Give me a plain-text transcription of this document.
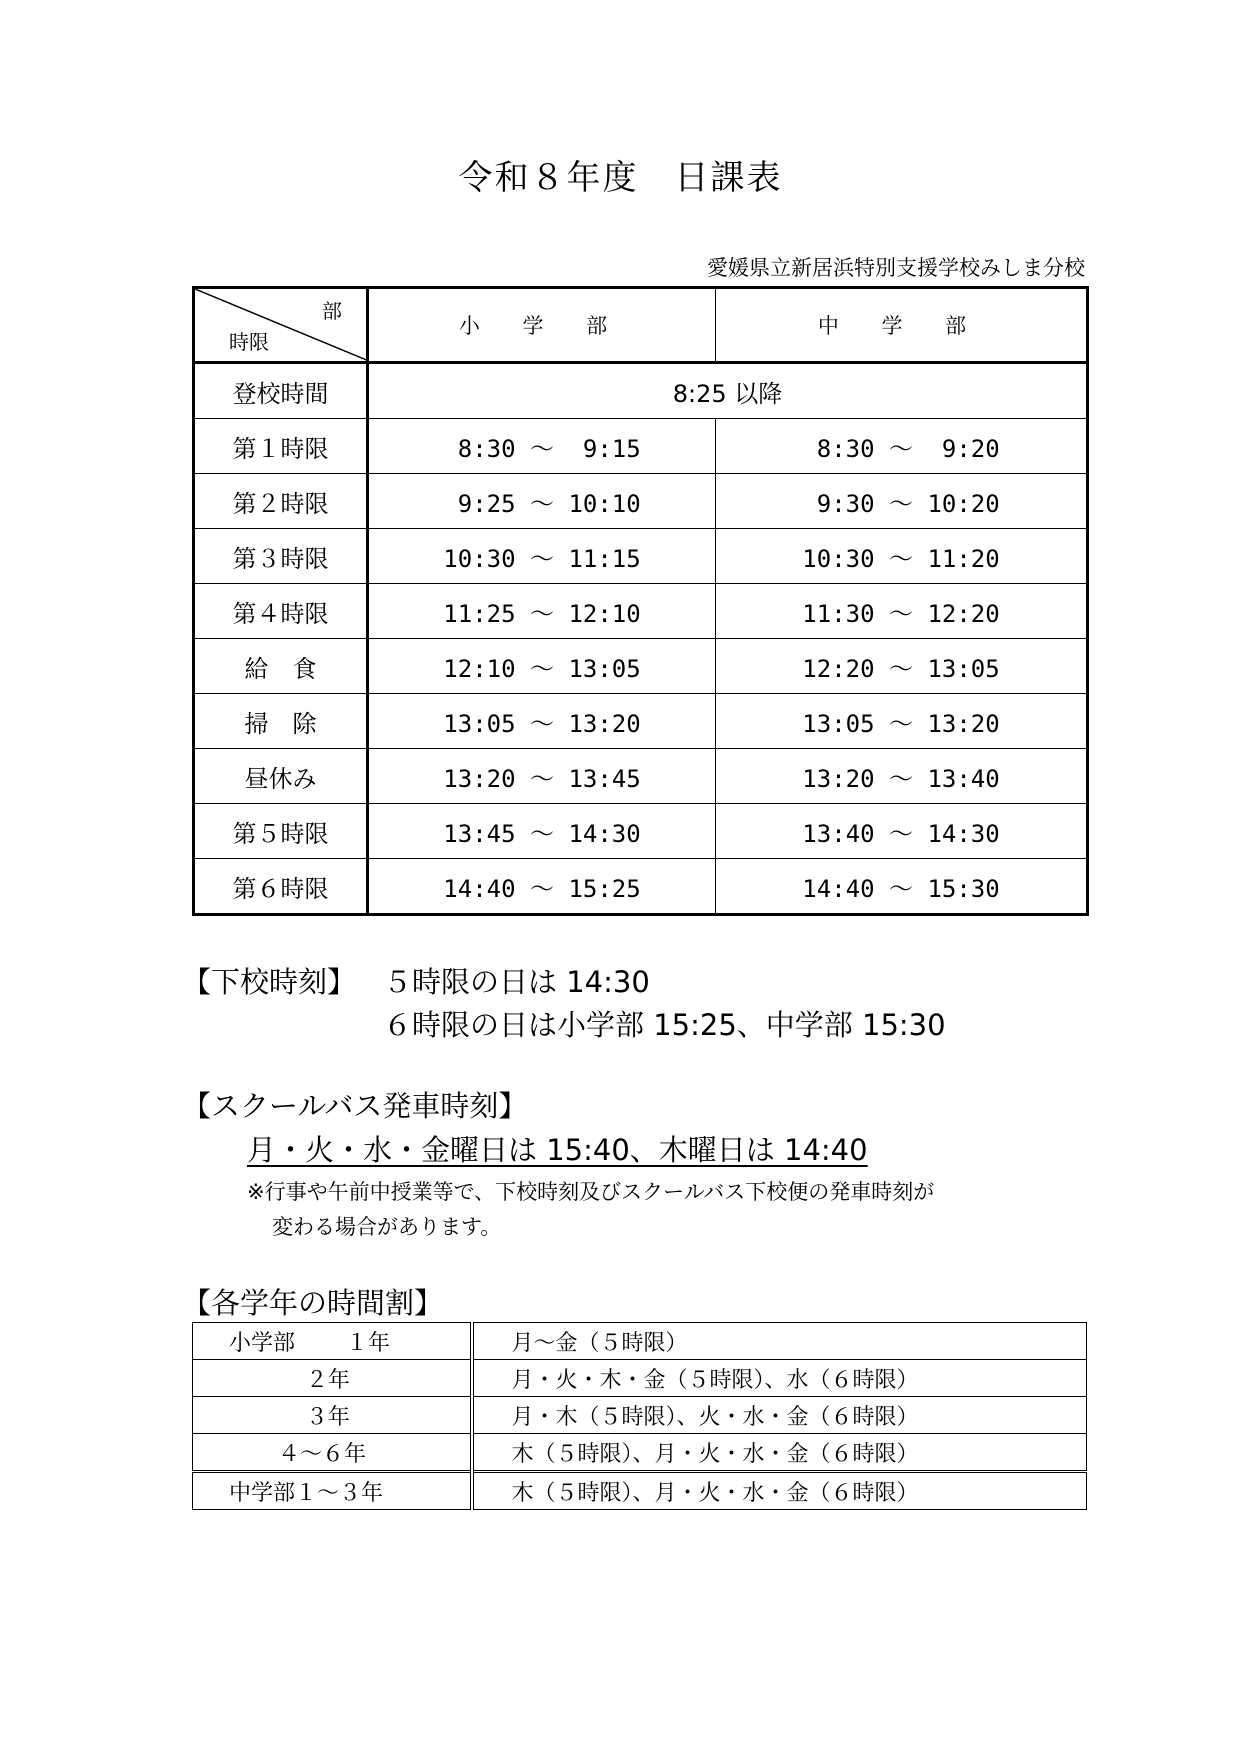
令和８年度　日課表
愛媛県立新居浜特別支援学校みしま分校
部
時限	小 学 部	中 学 部
登校時間	8:25 以降	
第１時限	8:30 ～  9:15	8:30 ～  9:20
第２時限	9:25 ～ 10:10	9:30 ～ 10:20
第３時限	10:30 ～ 11:15	10:30 ～ 11:20
第４時限	11:25 ～ 12:10	11:30 ～ 12:20
給　食	12:10 ～ 13:05	12:20 ～ 13:05
掃　除	13:05 ～ 13:20	13:05 ～ 13:20
昼休み	13:20 ～ 13:45	13:20 ～ 13:40
第５時限	13:45 ～ 14:30	13:40 ～ 14:30
第６時限	14:40 ～ 15:25	14:40 ～ 15:30
【下校時刻】 ５時限の日は 14:30
６時限の日は小学部 15:25、中学部 15:30
【スクールバス発車時刻】
月・火・水・金曜日は 15:40、木曜日は 14:40
※行事や午前中授業等で、下校時刻及びスクールバス下校便の発車時刻が
変わる場合があります。
【各学年の時間割】
小学部　　 １年	月～金（５時限）
２年	月・火・木・金（５時限）、水（６時限）
３年	月・木（５時限）、火・水・金（６時限）
４～６年	木（５時限）、月・火・水・金（６時限）
中学部１～３年	木（５時限）、月・火・水・金（６時限）
